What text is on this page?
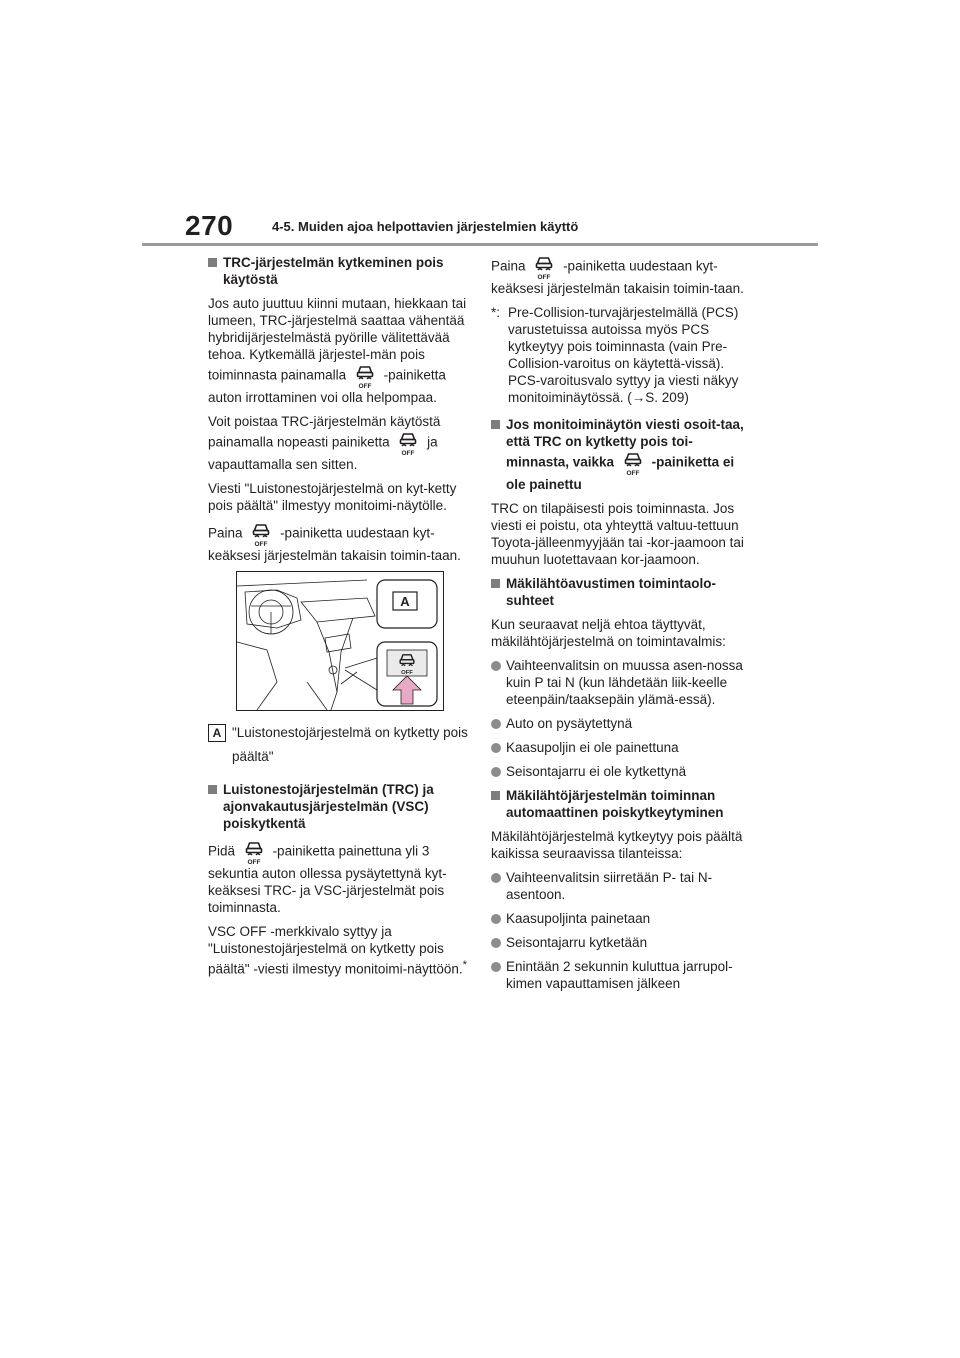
270	4-5. Muiden ajoa helpottavien järjestelmien käyttö
TRC-järjestelmän kytkeminen pois käytöstä

Jos auto juuttuu kiinni mutaan, hiekkaan tai lumeen, TRC-järjestelmä saattaa vähentää hybridijärjestelmästä pyörille välitettävää tehoa. Kytkemällä järjestel-män pois toiminnasta painamalla	-painiketta auton irrottaminen voi olla helpompaa.

Voit poistaa TRC-järjestelmän käytöstä painamalla nopeasti painiketta	ja vapauttamalla sen sitten.

Viesti "Luistonestojärjestelmä on kyt-ketty pois päältä" ilmestyy monitoimi-näytölle.

Paina	-painiketta uudestaan kyt-keäksesi järjestelmän takaisin toimin-taan.

A
A "Luistonestojärjestelmä on kytketty pois päältä"
Luistonestojärjestelmän (TRC) ja ajonvakautusjärjestelmän (VSC) poiskytkentä

Pidä	-painiketta painettuna yli 3 sekuntia auton ollessa pysäytettynä kyt-keäksesi TRC- ja VSC-järjestelmät pois toiminnasta.

VSC OFF -merkkivalo syttyy ja "Luistonestojärjestelmä on kytketty pois päältä" -viesti ilmestyy monitoimi-näyttöön.*

Paina	-painiketta uudestaan kyt-keäksesi järjestelmän takaisin toimin-taan.

*: Pre-Collision-turvajärjestelmällä (PCS) varustetuissa autoissa myös PCS kytkeytyy pois toiminnasta (vain Pre-Collision-varoitus on käytettä-vissä). PCS-varoitusvalo syttyy ja viesti näkyy monitoiminäytössä. (→S. 209)
Jos monitoiminäytön viesti osoit-taa, että TRC on kytketty pois toi-minnasta, vaikka	-painiketta ei ole painettu

TRC on tilapäisesti pois toiminnasta. Jos viesti ei poistu, ota yhteyttä valtuu-tettuun Toyota-jälleenmyyjään tai -kor-jaamoon tai muuhun luotettavaan kor-jaamoon.

Mäkilähtöavustimen toimintaolo-suhteet

Kun seuraavat neljä ehtoa täyttyvät, mäkilähtöjärjestelmä on toimintavalmis:

Vaihteenvalitsin on muussa asen-nossa kuin P tai N (kun lähdetään liik-keelle eteenpäin/taaksepäin ylämä-essä).
Auto on pysäytettynä
Kaasupoljin ei ole painettuna
Seisontajarru ei ole kytkettynä
Mäkilähtöjärjestelmän toiminnan automaattinen poiskytkeytyminen

Mäkilähtöjärjestelmä kytkeytyy pois päältä kaikissa seuraavissa tilanteissa:

Vaihteenvalitsin siirretään P- tai N-asentoon.
Kaasupoljinta painetaan
Seisontajarru kytketään
Enintään 2 sekunnin kuluttua jarrupol-kimen vapauttamisen jälkeen
